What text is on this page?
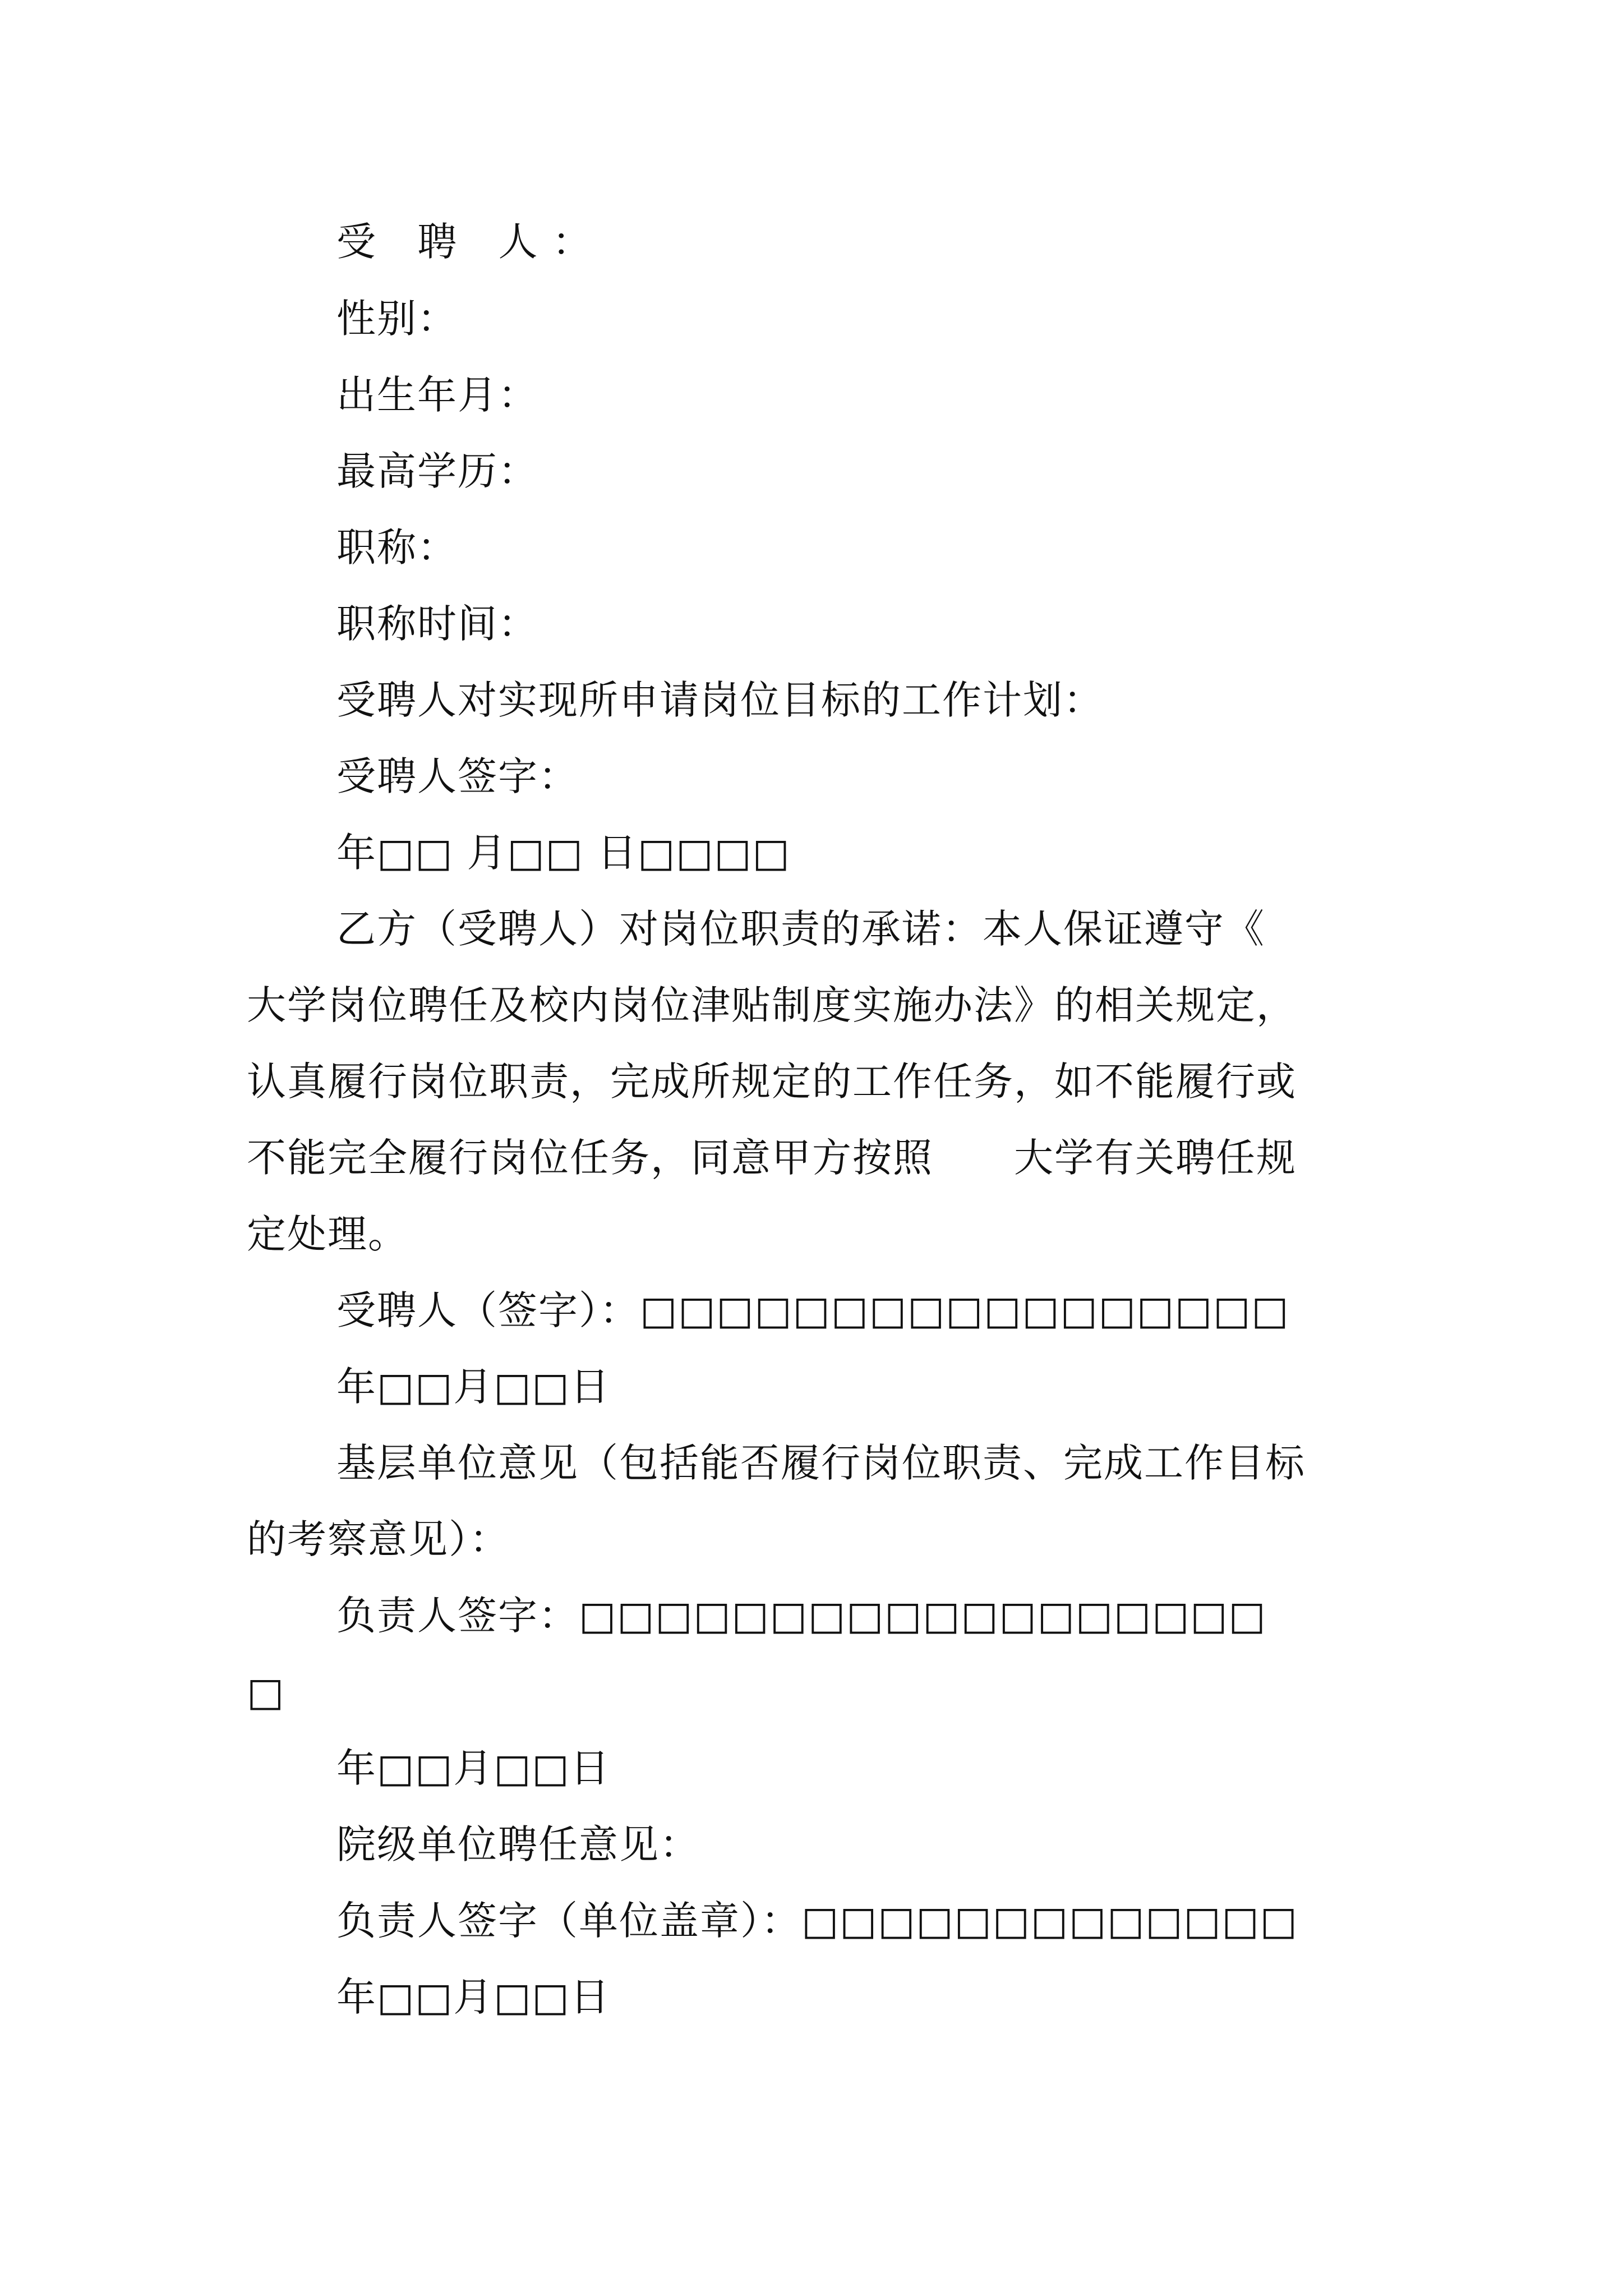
受 聘 人：
性别：
出生年月：
最高学历：
职称：
职称时间：
受聘人对实现所申请岗位目标的工作计划：
受聘人签字：
年□□ 月□□ 日□□□□
乙方（受聘人）对岗位职责的承诺：本人保证遵守《
大学岗位聘任及校内岗位津贴制度实施办法》的相关规定，
认真履行岗位职责，完成所规定的工作任务，如不能履行或
不能完全履行岗位任务，同意甲方按照　　大学有关聘任规
定处理。
受聘人（签字）：□□□□□□□□□□□□□□□□□
年□□月□□日
基层单位意见（包括能否履行岗位职责、完成工作目标
的考察意见）：
负责人签字：□□□□□□□□□□□□□□□□□□
□
年□□月□□日
院级单位聘任意见：
负责人签字（单位盖章）：□□□□□□□□□□□□□
年□□月□□日
